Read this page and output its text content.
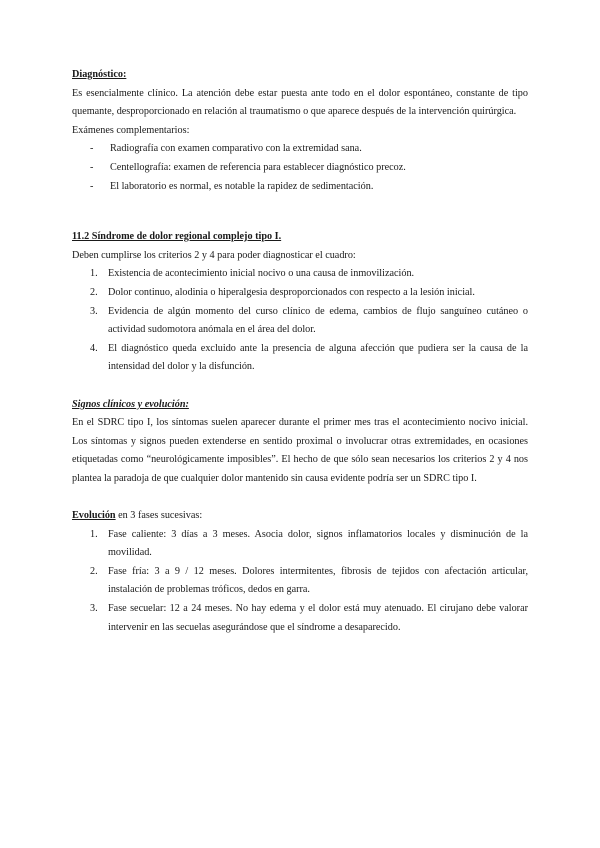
Diagnóstico:

Es esencialmente clínico. La atención debe estar puesta ante todo en el dolor espontáneo, constante de tipo quemante, desproporcionado en relación al traumatismo o que aparece después de la intervención quirúrgica.

Exámenes complementarios:

- Radiografía con examen comparativo con la extremidad sana.
- Centellografía: examen de referencia para establecer diagnóstico precoz.
- El laboratorio es normal, es notable la rapidez de sedimentación.
11.2 Síndrome de dolor regional complejo tipo I.

Deben cumplirse los criterios 2 y 4 para poder diagnosticar el cuadro:

1. Existencia de acontecimiento inicial nocivo o una causa de inmovilización.
2. Dolor continuo, alodinia o hiperalgesia desproporcionados con respecto a la lesión inicial.
3. Evidencia de algún momento del curso clínico de edema, cambios de flujo sanguíneo cutáneo o actividad sudomotora anómala en el área del dolor.
4. El diagnóstico queda excluido ante la presencia de alguna afección que pudiera ser la causa de la intensidad del dolor y la disfunción.
Signos clínicos y evolución:

En el SDRC tipo I, los síntomas suelen aparecer durante el primer mes tras el acontecimiento nocivo inicial. Los síntomas y signos pueden extenderse en sentido proximal o involucrar otras extremidades, en ocasiones etiquetadas como “neurológicamente imposibles”. El hecho de que sólo sean necesarios los criterios 2 y 4 nos plantea la paradoja de que cualquier dolor mantenido sin causa evidente podría ser un SDRC tipo I.

Evolución en 3 fases sucesivas:

1. Fase caliente: 3 días a 3 meses. Asocia dolor, signos inflamatorios locales y disminución de la movilidad.
2. Fase fría: 3 a 9 / 12 meses. Dolores intermitentes, fibrosis de tejidos con afectación articular, instalación de problemas tróficos, dedos en garra.
3. Fase secuelar: 12 a 24 meses. No hay edema y el dolor está muy atenuado. El cirujano debe valorar intervenir en las secuelas asegurándose que el síndrome a desaparecido.
